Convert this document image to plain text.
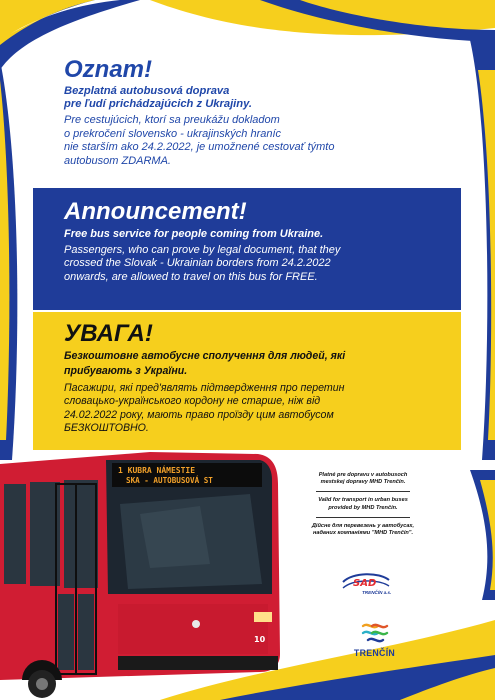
Oznam!
Bezplatná autobusová doprava
pre ľudí prichádzajúcich z Ukrajiny.
Pre cestujúcich, ktorí sa preukážu dokladom
o prekročení slovensko - ukrajinských hraníc
nie starším ako 24.2.2022, je umožnené cestovať týmto
autobusom ZDARMA.
Announcement!
Free bus service for people coming from Ukraine.
Passengers, who can prove by legal document, that they
crossed the Slovak - Ukrainian borders from 24.2.2022
onwards, are allowed to travel on this bus for FREE.
УВАГА!
Безкоштовне автобусне сполучення для людей, які
прибувають з України.
Пасажири, які пред'являть підтвердження про перетин
словацько-українського кордону не старше, ніж від
24.02.2022 року, мають право проїзду цим автобусом
БЕЗКОШТОВНО.
1 KUBRA NÁMESTIE
SKA - AUTOBUSOVÁ ST
10

Platné pre dopravu v autobusoch

mestskej dopravy MHD Trenčín.

Valid for transport in urban buses

provided by MHD Trenčín.

Дійсне для перевезень у автобусах,

наданих компаніями "MHD Trenčín".

SAD
TRENČÍN a.s.
TRENČÍN
